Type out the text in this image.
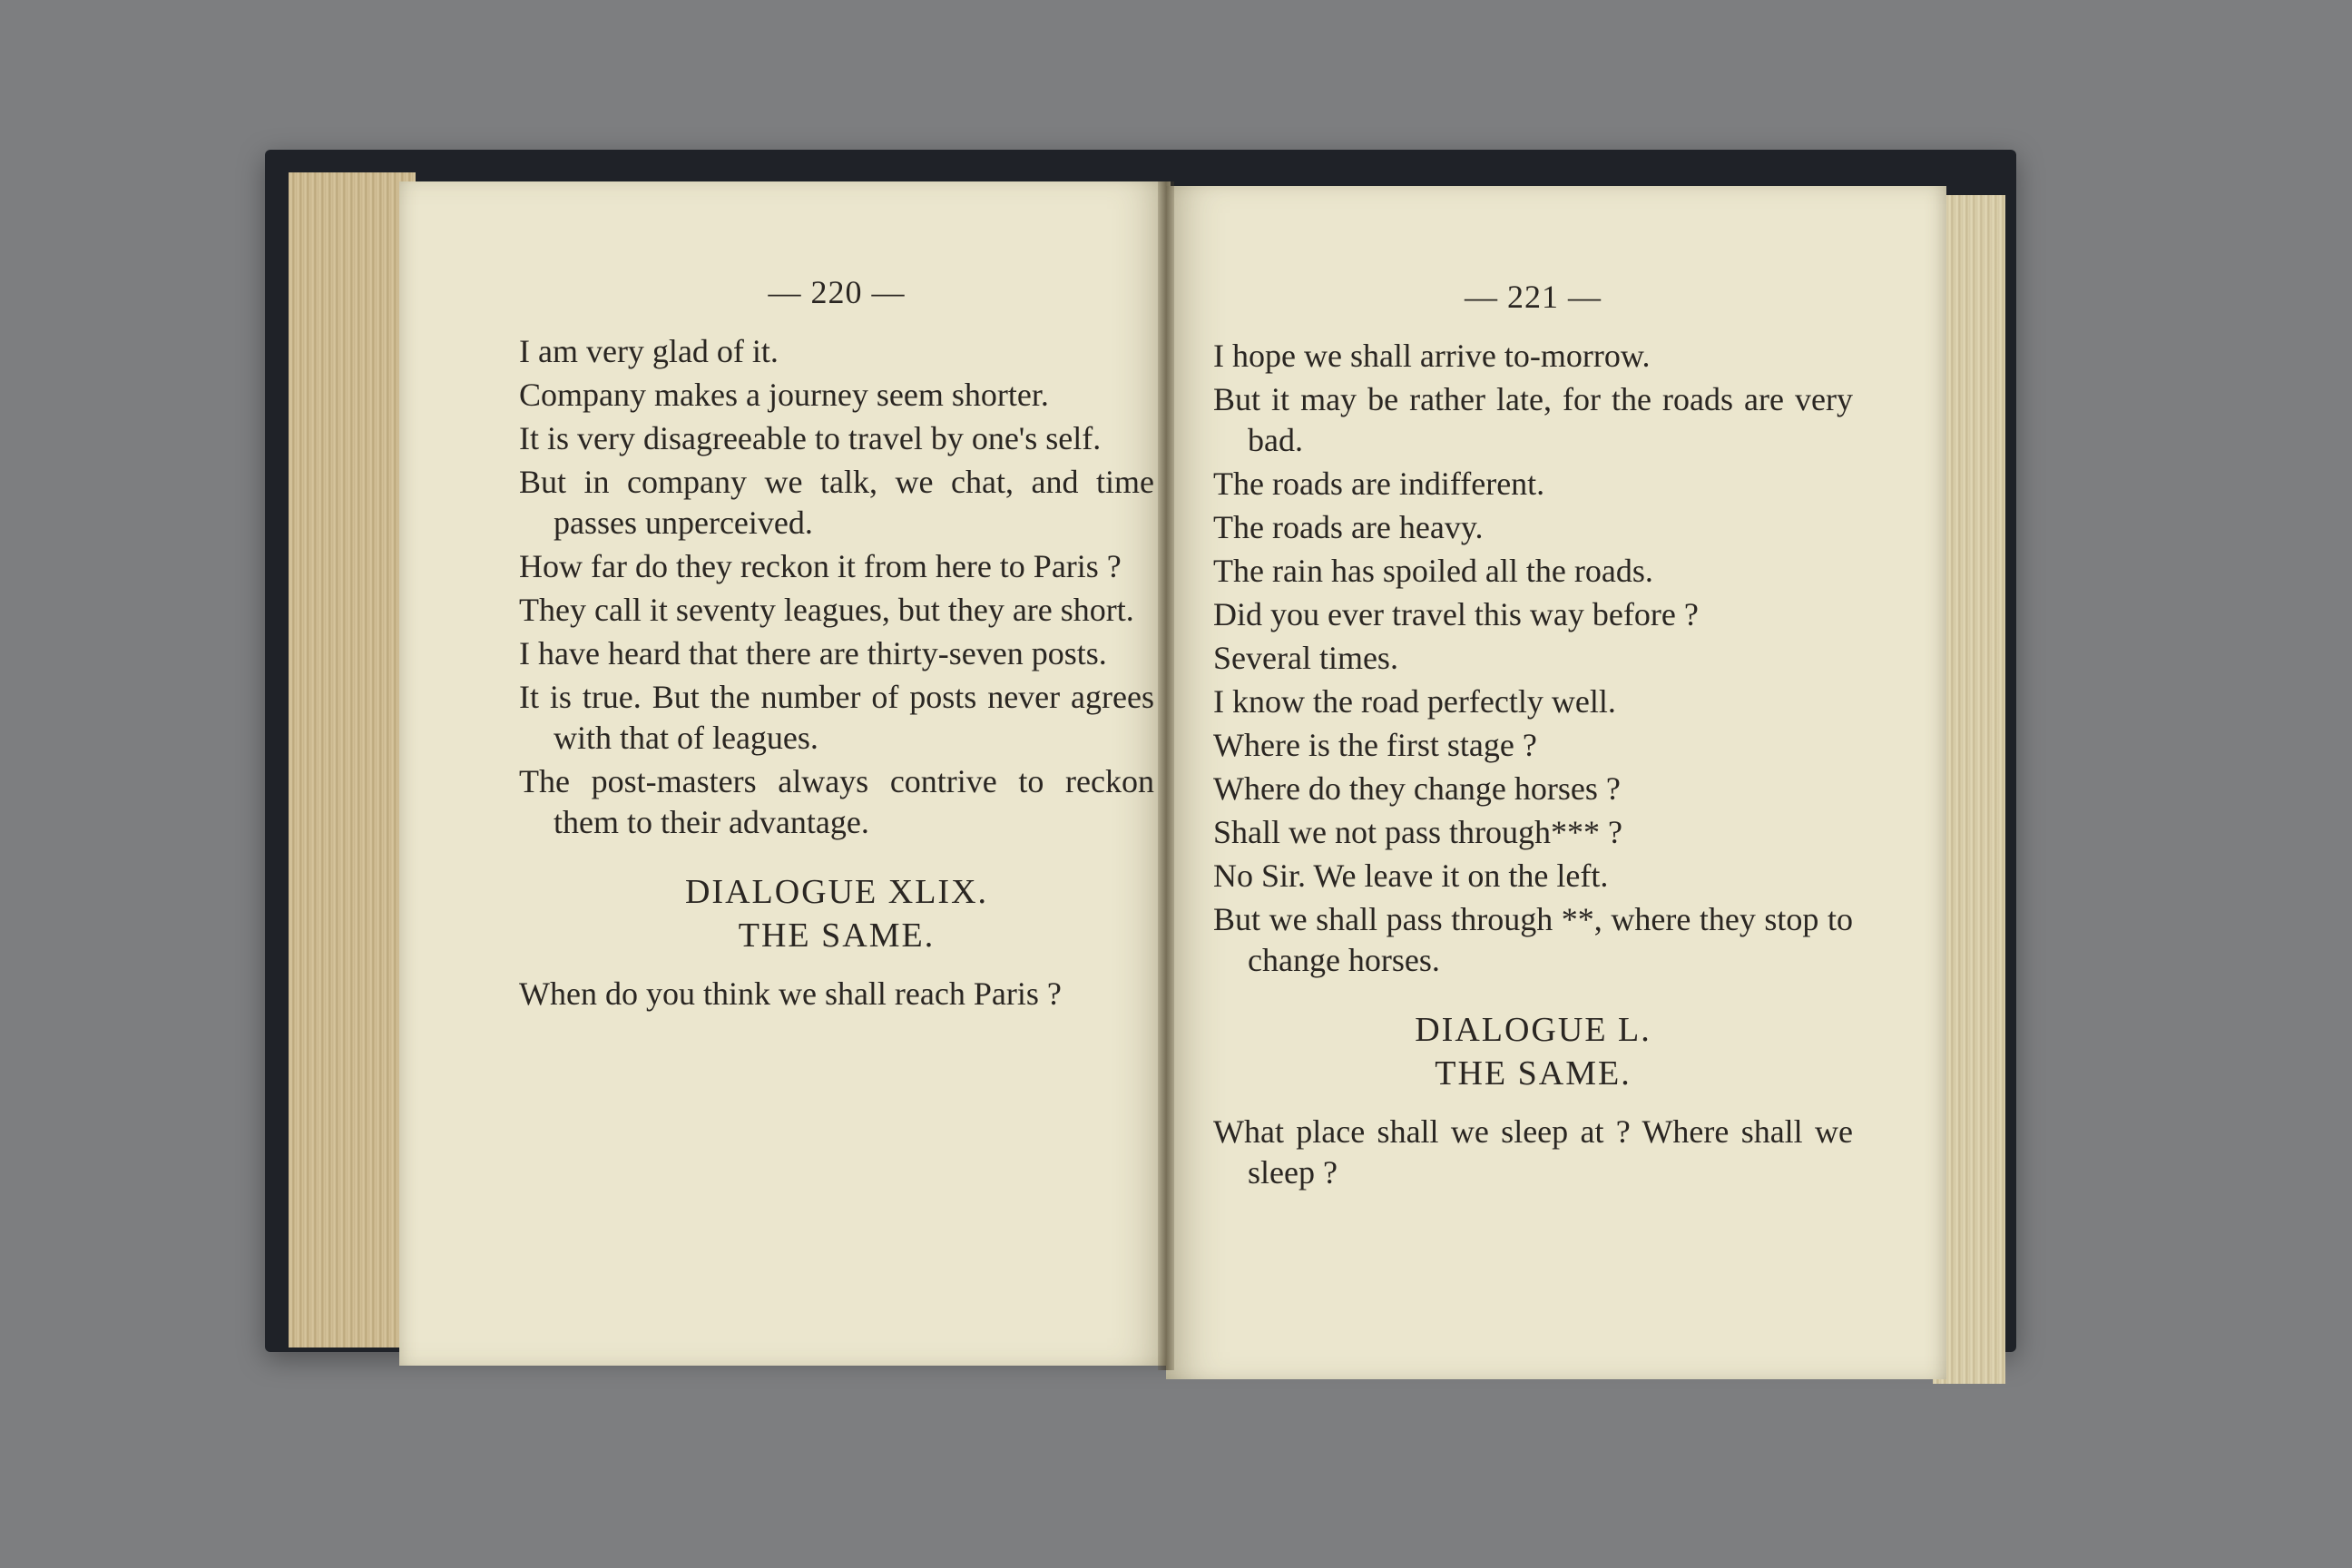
— 220 —

I am very glad of it.

Company makes a journey seem shorter.

It is very disagreeable to travel by one's self.

But in company we talk, we chat, and time passes unperceived.

How far do they reckon it from here to Paris ?

They call it seventy leagues, but they are short.

I have heard that there are thirty-seven posts.

It is true. But the number of posts never agrees with that of leagues.

The post-masters always contrive to reckon them to their advantage.

DIALOGUE XLIX.
THE SAME.

When do you think we shall reach Paris ?

— 221 —

I hope we shall arrive to-morrow.

But it may be rather late, for the roads are very bad.

The roads are indifferent.

The roads are heavy.

The rain has spoiled all the roads.

Did you ever travel this way before ?

Several times.

I know the road perfectly well.

Where is the first stage ?

Where do they change horses ?

Shall we not pass through*** ?

No Sir. We leave it on the left.

But we shall pass through **, where they stop to change horses.

DIALOGUE L.
THE SAME.

What place shall we sleep at ? Where shall we sleep ?
